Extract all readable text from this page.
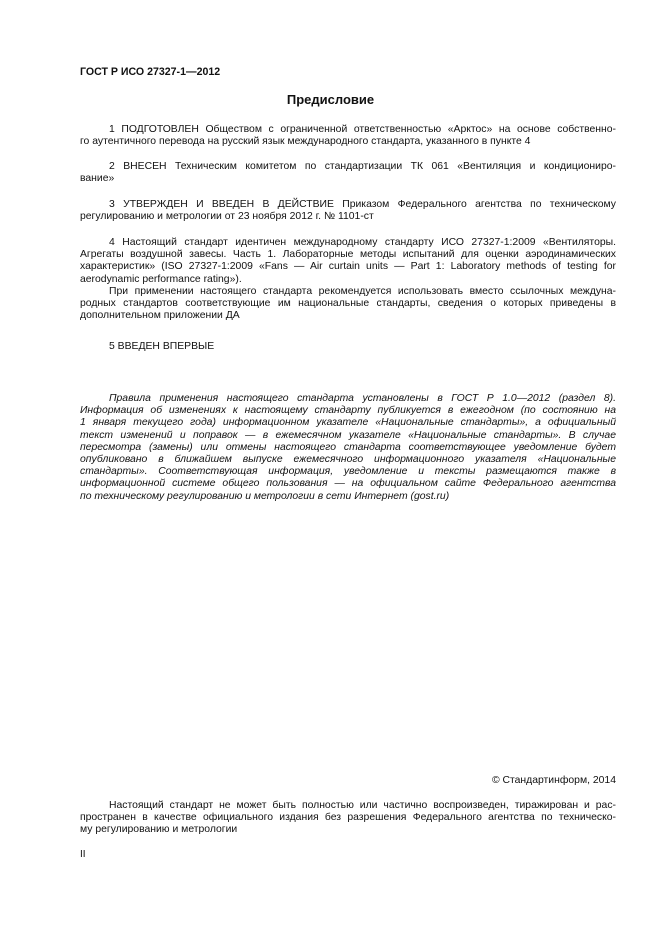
ГОСТ Р ИСО 27327-1—2012
Предисловие
1 ПОДГОТОВЛЕН Обществом с ограниченной ответственностью «Арктос» на основе собственно-
го аутентичного перевода на русский язык международного стандарта, указанного в пункте 4
2 ВНЕСЕН Техническим комитетом по стандартизации ТК 061 «Вентиляция и кондициониро-
вание»
3 УТВЕРЖДЕН И ВВЕДЕН В ДЕЙСТВИЕ Приказом Федерального агентства по техническому
регулированию и метрологии от 23 ноября 2012 г. № 1101-ст
4 Настоящий стандарт идентичен международному стандарту ИСО 27327-1:2009 «Вентиляторы.
Агрегаты воздушной завесы. Часть 1. Лабораторные методы испытаний для оценки аэродинамических
характеристик» (ISO 27327-1:2009 «Fans — Air curtain units — Part 1: Laboratory methods of testing for
aerodynamic performance rating»).
При применении настоящего стандарта рекомендуется использовать вместо ссылочных междуна-
родных стандартов соответствующие им национальные стандарты, сведения о которых приведены в
дополнительном приложении ДА
5 ВВЕДЕН ВПЕРВЫЕ
Правила применения настоящего стандарта установлены в ГОСТ Р 1.0—2012 (раздел 8).
Информация об изменениях к настоящему стандарту публикуется в ежегодном (по состоянию на
1 января текущего года) информационном указателе «Национальные стандарты», а официальный
текст изменений и поправок — в ежемесячном указателе «Национальные стандарты». В случае
пересмотра (замены) или отмены настоящего стандарта соответствующее уведомление будет
опубликовано в ближайшем выпуске ежемесячного информационного указателя «Национальные
стандарты». Соответствующая информация, уведомление и тексты размещаются также в
информационной системе общего пользования — на официальном сайте Федерального агентства
по техническому регулированию и метрологии в сети Интернет (gost.ru)
© Стандартинформ, 2014
Настоящий стандарт не может быть полностью или частично воспроизведен, тиражирован и рас-
пространен в качестве официального издания без разрешения Федерального агентства по техническо-
му регулированию и метрологии
II
